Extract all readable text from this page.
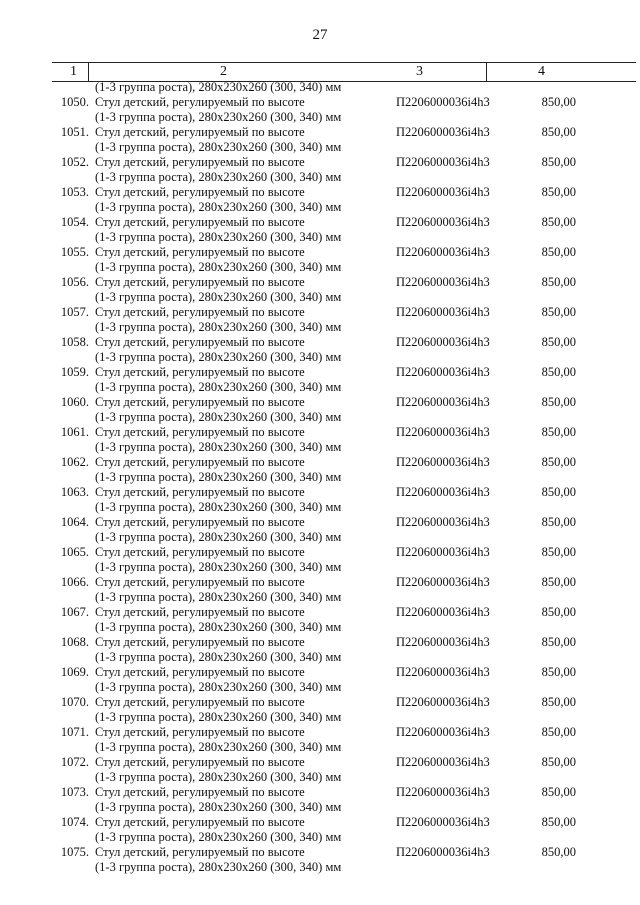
27
1	2	3	4
(1-3 группа роста), 280х230х260 (300, 340) мм
1050. Стул детский, регулируемый по высоте	П2206000036i4h3	850,00
(1-3 группа роста), 280х230х260 (300, 340) мм
1051. Стул детский, регулируемый по высоте	П2206000036i4h3	850,00
(1-3 группа роста), 280х230х260 (300, 340) мм
1052. Стул детский, регулируемый по высоте	П2206000036i4h3	850,00
(1-3 группа роста), 280х230х260 (300, 340) мм
1053. Стул детский, регулируемый по высоте	П2206000036i4h3	850,00
(1-3 группа роста), 280х230х260 (300, 340) мм
1054. Стул детский, регулируемый по высоте	П2206000036i4h3	850,00
(1-3 группа роста), 280х230х260 (300, 340) мм
1055. Стул детский, регулируемый по высоте	П2206000036i4h3	850,00
(1-3 группа роста), 280х230х260 (300, 340) мм
1056. Стул детский, регулируемый по высоте	П2206000036i4h3	850,00
(1-3 группа роста), 280х230х260 (300, 340) мм
1057. Стул детский, регулируемый по высоте	П2206000036i4h3	850,00
(1-3 группа роста), 280х230х260 (300, 340) мм
1058. Стул детский, регулируемый по высоте	П2206000036i4h3	850,00
(1-3 группа роста), 280х230х260 (300, 340) мм
1059. Стул детский, регулируемый по высоте	П2206000036i4h3	850,00
(1-3 группа роста), 280х230х260 (300, 340) мм
1060. Стул детский, регулируемый по высоте	П2206000036i4h3	850,00
(1-3 группа роста), 280х230х260 (300, 340) мм
1061. Стул детский, регулируемый по высоте	П2206000036i4h3	850,00
(1-3 группа роста), 280х230х260 (300, 340) мм
1062. Стул детский, регулируемый по высоте	П2206000036i4h3	850,00
(1-3 группа роста), 280х230х260 (300, 340) мм
1063. Стул детский, регулируемый по высоте	П2206000036i4h3	850,00
(1-3 группа роста), 280х230х260 (300, 340) мм
1064. Стул детский, регулируемый по высоте	П2206000036i4h3	850,00
(1-3 группа роста), 280х230х260 (300, 340) мм
1065. Стул детский, регулируемый по высоте	П2206000036i4h3	850,00
(1-3 группа роста), 280х230х260 (300, 340) мм
1066. Стул детский, регулируемый по высоте	П2206000036i4h3	850,00
(1-3 группа роста), 280х230х260 (300, 340) мм
1067. Стул детский, регулируемый по высоте	П2206000036i4h3	850,00
(1-3 группа роста), 280х230х260 (300, 340) мм
1068. Стул детский, регулируемый по высоте	П2206000036i4h3	850,00
(1-3 группа роста), 280х230х260 (300, 340) мм
1069. Стул детский, регулируемый по высоте	П2206000036i4h3	850,00
(1-3 группа роста), 280х230х260 (300, 340) мм
1070. Стул детский, регулируемый по высоте	П2206000036i4h3	850,00
(1-3 группа роста), 280х230х260 (300, 340) мм
1071. Стул детский, регулируемый по высоте	П2206000036i4h3	850,00
(1-3 группа роста), 280х230х260 (300, 340) мм
1072. Стул детский, регулируемый по высоте	П2206000036i4h3	850,00
(1-3 группа роста), 280х230х260 (300, 340) мм
1073. Стул детский, регулируемый по высоте	П2206000036i4h3	850,00
(1-3 группа роста), 280х230х260 (300, 340) мм
1074. Стул детский, регулируемый по высоте	П2206000036i4h3	850,00
(1-3 группа роста), 280х230х260 (300, 340) мм
1075. Стул детский, регулируемый по высоте	П2206000036i4h3	850,00
(1-3 группа роста), 280х230х260 (300, 340) мм
